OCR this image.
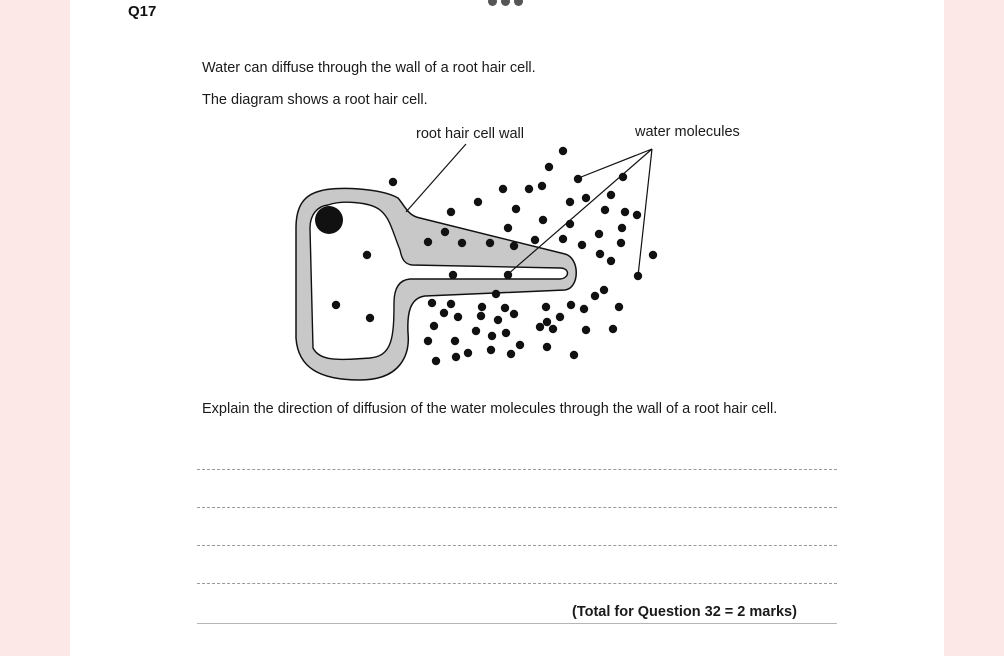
Q17
Water can diffuse through the wall of a root hair cell.
The diagram shows a root hair cell.
root hair cell wall	water molecules
Explain the direction of diffusion of the water molecules through the wall of a root hair cell.
(Total for Question 32 = 2 marks)
